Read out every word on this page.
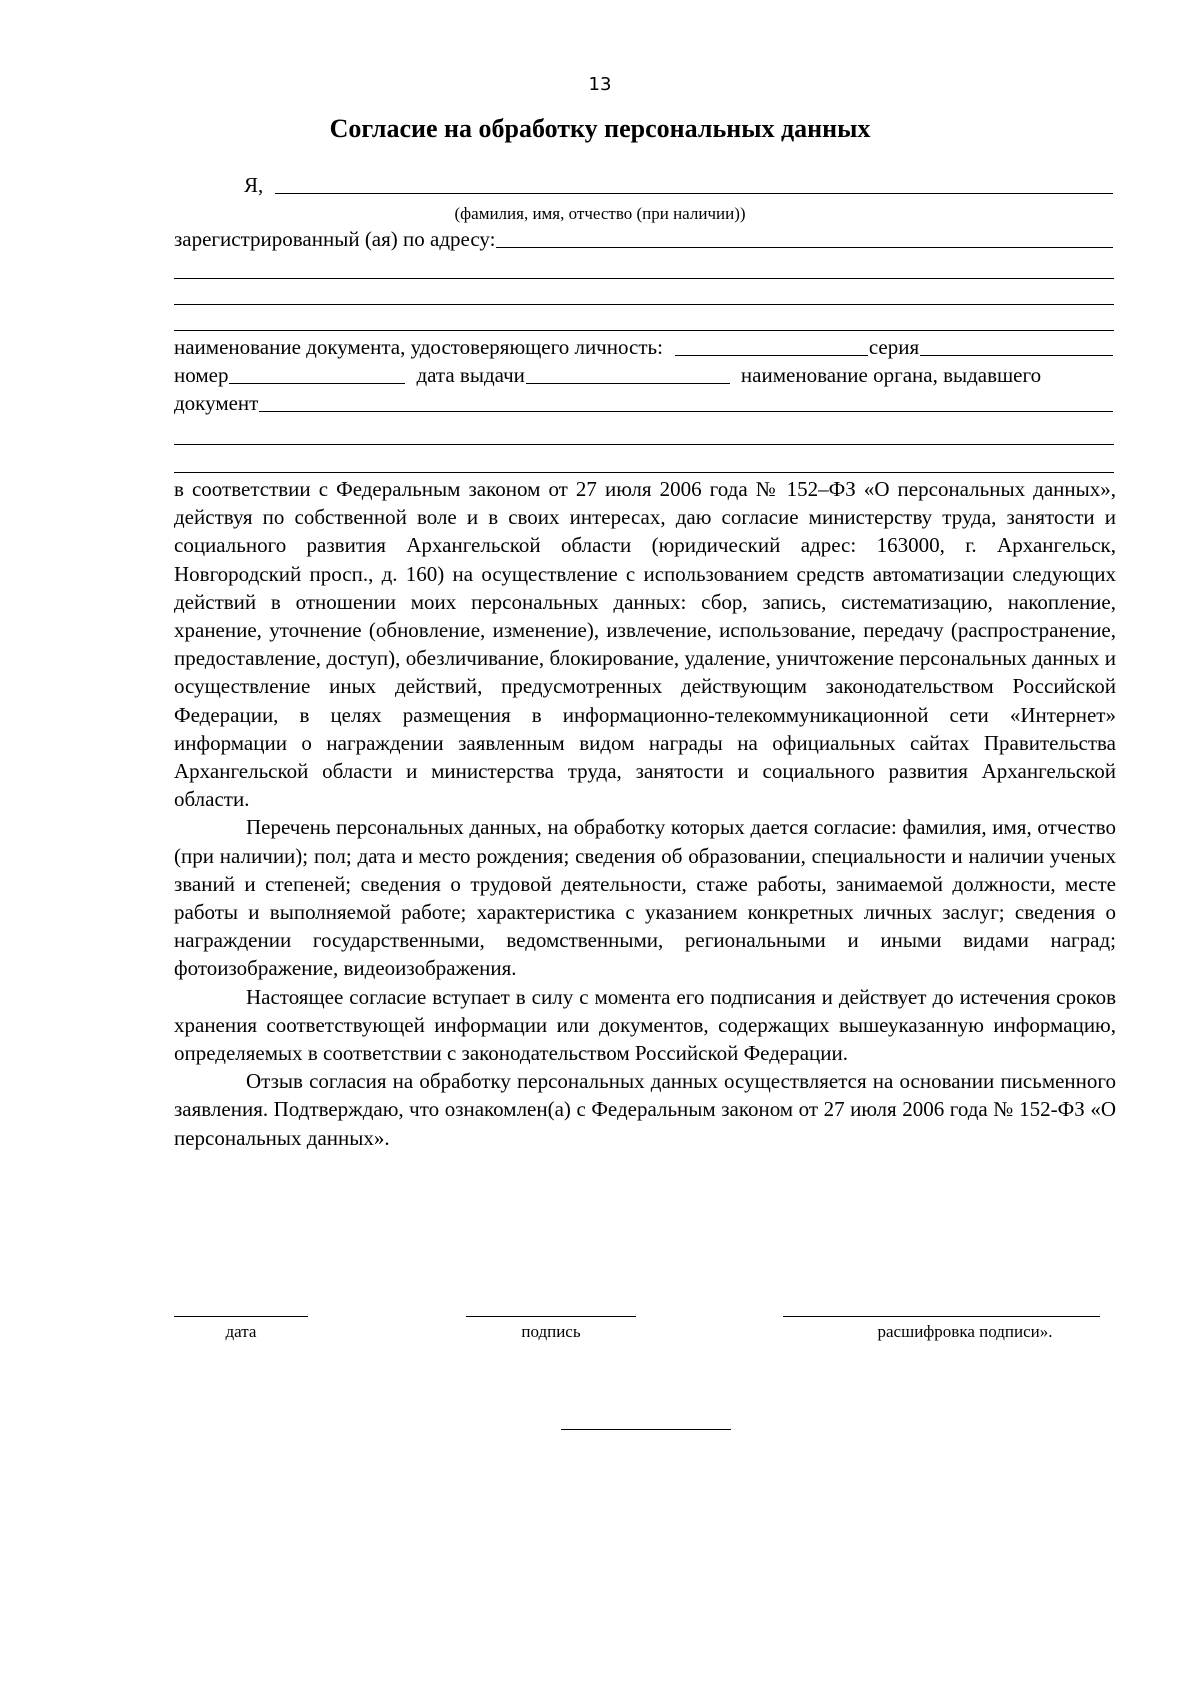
13
Согласие на обработку персональных данных
Я,
(фамилия, имя, отчество (при наличии))
зарегистрированный (ая) по адресу:
наименование документа, удостоверяющего личность:	серия
номер	дата выдачи	наименование органа, выдавшего
документ

в соответствии с Федеральным законом от 27 июля 2006 года № 152–ФЗ «О персональных данных», действуя по собственной воле и в своих интересах, даю согласие министерству труда, занятости и социального развития Архангельской области (юридический адрес: 163000, г. Архангельск, Новгородский просп., д. 160) на осуществление с использованием средств автоматизации следующих действий в отношении моих персональных данных: сбор, запись, систематизацию, накопление, хранение, уточнение (обновление, изменение), извлечение, использование, передачу (распространение, предоставление, доступ), обезличивание, блокирование, удаление, уничтожение персональных данных и осуществление иных действий, предусмотренных действующим законодательством Российской Федерации, в целях размещения в информационно-телекоммуникационной сети «Интернет» информации о награждении заявленным видом награды на официальных сайтах Правительства Архангельской области и министерства труда, занятости и социального развития Архангельской области.

Перечень персональных данных, на обработку которых дается согласие: фамилия, имя, отчество (при наличии); пол; дата и место рождения; сведения об образовании, специальности и наличии ученых званий и степеней; сведения о трудовой деятельности, стаже работы, занимаемой должности, месте работы и выполняемой работе; характеристика с указанием конкретных личных заслуг; сведения о награждении государственными, ведомственными, региональными и иными видами наград; фотоизображение, видеоизображения.

Настоящее согласие вступает в силу с момента его подписания и действует до истечения сроков хранения соответствующей информации или документов, содержащих вышеуказанную информацию, определяемых в соответствии с законодательством Российской Федерации.

Отзыв согласия на обработку персональных данных осуществляется на основании письменного заявления. Подтверждаю, что ознакомлен(а) с Федеральным законом от 27 июля 2006 года № 152-ФЗ «О персональных данных».

дата	подпись	расшифровка подписи».
